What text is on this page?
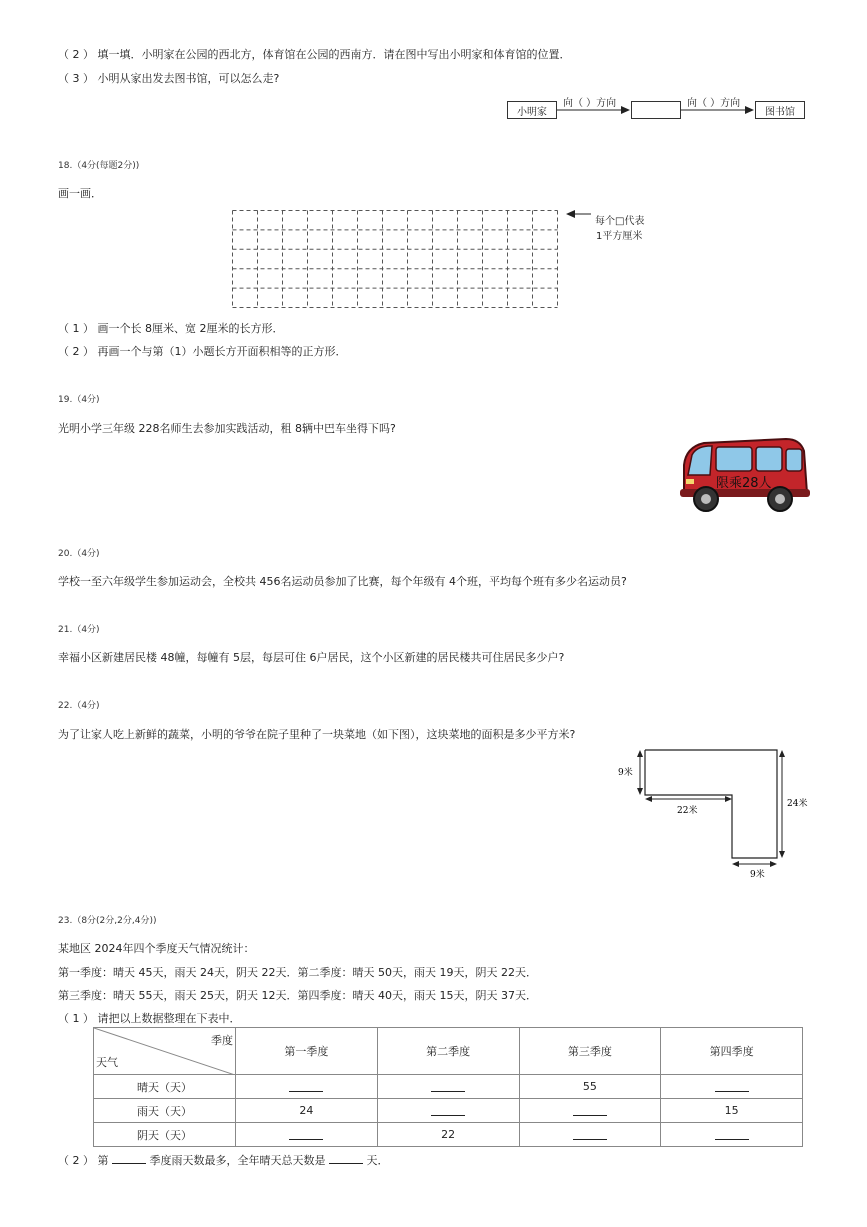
（ 2 ） 填一填．小明家在公园的西北方，体育馆在公园的西南方．请在图中写出小明家和体育馆的位置．
（ 3 ） 小明从家出发去图书馆，可以怎么走?
小明家
向（ ）方向	向（ ）方向
图书馆
18.（4分(每题2分))
画一画．
每个□代表
1平方厘米
（ 1 ） 画一个长 8厘米、宽 2厘米的长方形．
（ 2 ） 再画一个与第（1）小题长方开面积相等的正方形．
19.（4分)
光明小学三年级 228名师生去参加实践活动，租 8辆中巴车坐得下吗?
限乘28人
20.（4分)
学校一至六年级学生参加运动会，全校共 456名运动员参加了比赛，每个年级有 4个班，平均每个班有多少名运动员?
21.（4分)
幸福小区新建居民楼 48幢，每幢有 5层，每层可住 6户居民，这个小区新建的居民楼共可住居民多少户?
22.（4分)
为了让家人吃上新鲜的蔬菜，小明的爷爷在院子里种了一块菜地（如下图），这块菜地的面积是多少平方米?
9米
22米
24米
9米
23.（8分(2分,2分,4分))
某地区 2024年四个季度天气情况统计：
第一季度：晴天 45天，雨天 24天，阴天 22天．第二季度：晴天 50天，雨天 19天，阴天 22天．
第三季度：晴天 55天，雨天 25天，阴天 12天．第四季度：晴天 40天，雨天 15天，阴天 37天．
（ 1 ） 请把以上数据整理在下表中．
季度
天气	第一季度	第二季度	第三季度	第四季度
晴天（天）			55	
雨天（天）	24			15
阴天（天）		22		
（ 2 ） 第	季度雨天数最多，全年晴天总天数是	天．
